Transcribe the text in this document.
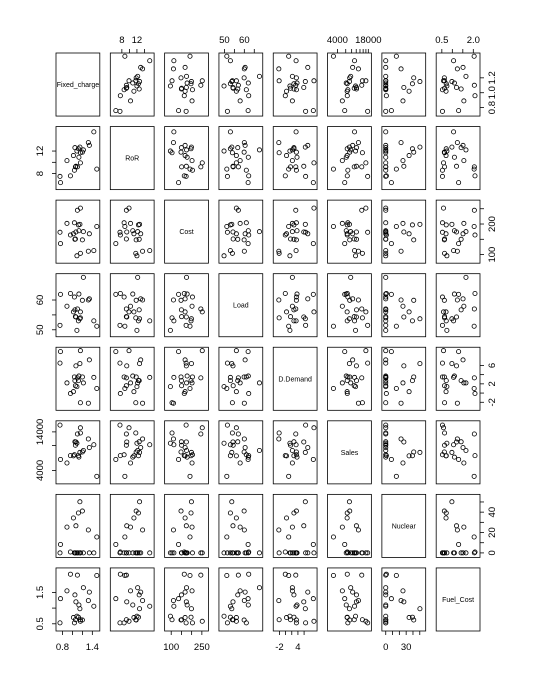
Fixed_charge
RoR
Cost
Load
D.Demand
Sales
Nuclear
Fuel_Cost
0.8 1.4
0.8
1.0
1.2
8 12
8
12
100 250
100
200
50 60
50
60
-2 4
-2
2
6
4000 18000
4000
14000
0 30
0
20
40
0.5 2.0
0.5
1.5
